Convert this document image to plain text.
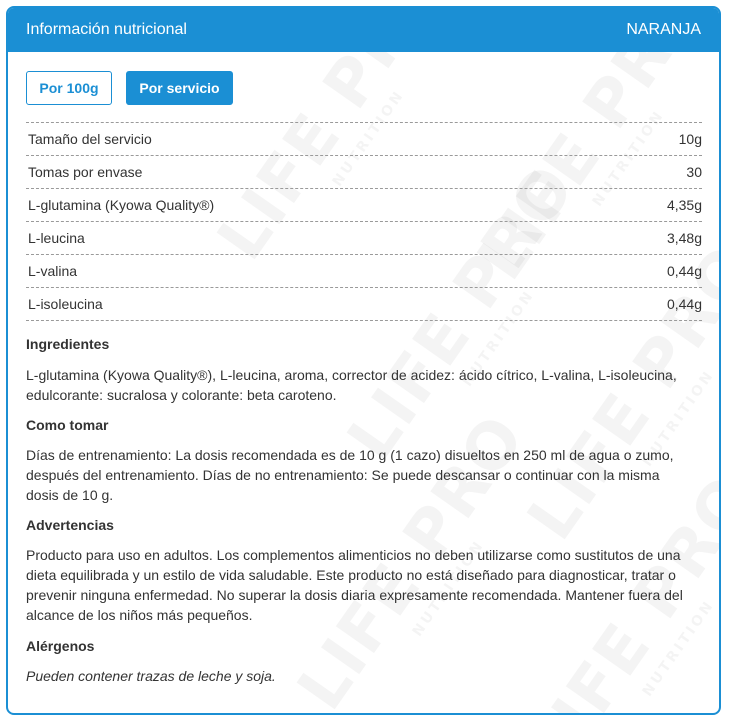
Información nutricional	NARANJA
Por 100g	Por servicio
Tamaño del servicio	10g
Tomas por envase	30
L-glutamina (Kyowa Quality®)	4,35g
L-leucina	3,48g
L-valina	0,44g
L-isoleucina	0,44g
Ingredientes

L-glutamina (Kyowa Quality®), L-leucina, aroma, corrector de acidez: ácido cítrico, L-valina, L-isoleucina, edulcorante: sucralosa y colorante: beta caroteno.

Como tomar

Días de entrenamiento: La dosis recomendada es de 10 g (1 cazo) disueltos en 250 ml de agua o zumo, después del entrenamiento. Días de no entrenamiento: Se puede descansar o continuar con la misma dosis de 10 g.

Advertencias

Producto para uso en adultos. Los complementos alimenticios no deben utilizarse como sustitutos de una dieta equilibrada y un estilo de vida saludable. Este producto no está diseñado para diagnosticar, tratar o prevenir ninguna enfermedad. No superar la dosis diaria expresamente recomendada. Mantener fuera del alcance de los niños más pequeños.

Alérgenos

Pueden contener trazas de leche y soja.
